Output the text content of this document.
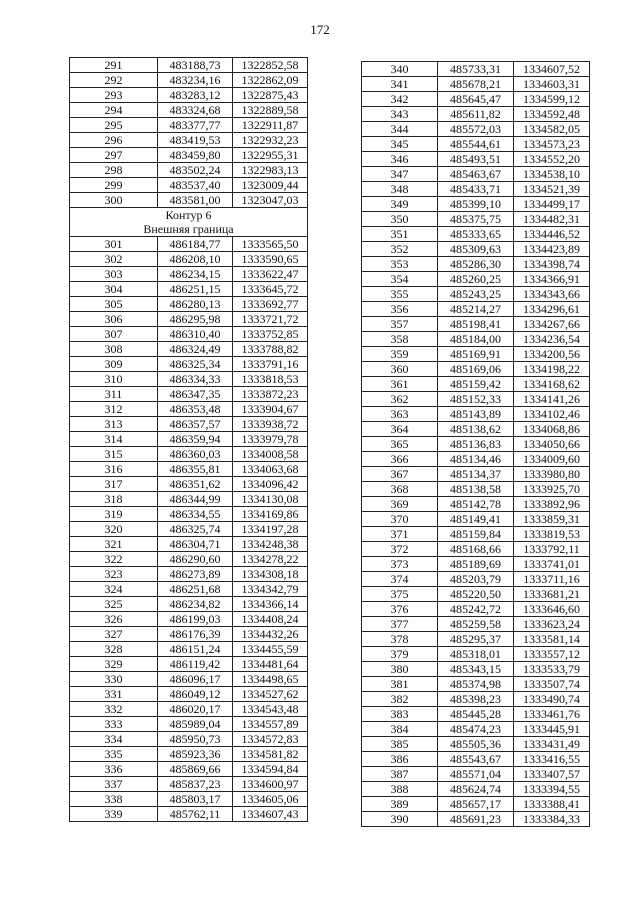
172
291	483188,73	1322852,58
292	483234,16	1322862,09
293	483283,12	1322875,43
294	483324,68	1322889,58
295	483377,77	1322911,87
296	483419,53	1322932,23
297	483459,80	1322955,31
298	483502,24	1322983,13
299	483537,40	1323009,44
300	483581,00	1323047,03
Контур 6		
Внешняя граница		
301	486184,77	1333565,50
302	486208,10	1333590,65
303	486234,15	1333622,47
304	486251,15	1333645,72
305	486280,13	1333692,77
306	486295,98	1333721,72
307	486310,40	1333752,85
308	486324,49	1333788,82
309	486325,34	1333791,16
310	486334,33	1333818,53
311	486347,35	1333872,23
312	486353,48	1333904,67
313	486357,57	1333938,72
314	486359,94	1333979,78
315	486360,03	1334008,58
316	486355,81	1334063,68
317	486351,62	1334096,42
318	486344,99	1334130,08
319	486334,55	1334169,86
320	486325,74	1334197,28
321	486304,71	1334248,38
322	486290,60	1334278,22
323	486273,89	1334308,18
324	486251,68	1334342,79
325	486234,82	1334366,14
326	486199,03	1334408,24
327	486176,39	1334432,26
328	486151,24	1334455,59
329	486119,42	1334481,64
330	486096,17	1334498,65
331	486049,12	1334527,62
332	486020,17	1334543,48
333	485989,04	1334557,89
334	485950,73	1334572,83
335	485923,36	1334581,82
336	485869,66	1334594,84
337	485837,23	1334600,97
338	485803,17	1334605,06
339	485762,11	1334607,43
340	485733,31	1334607,52
341	485678,21	1334603,31
342	485645,47	1334599,12
343	485611,82	1334592,48
344	485572,03	1334582,05
345	485544,61	1334573,23
346	485493,51	1334552,20
347	485463,67	1334538,10
348	485433,71	1334521,39
349	485399,10	1334499,17
350	485375,75	1334482,31
351	485333,65	1334446,52
352	485309,63	1334423,89
353	485286,30	1334398,74
354	485260,25	1334366,91
355	485243,25	1334343,66
356	485214,27	1334296,61
357	485198,41	1334267,66
358	485184,00	1334236,54
359	485169,91	1334200,56
360	485169,06	1334198,22
361	485159,42	1334168,62
362	485152,33	1334141,26
363	485143,89	1334102,46
364	485138,62	1334068,86
365	485136,83	1334050,66
366	485134,46	1334009,60
367	485134,37	1333980,80
368	485138,58	1333925,70
369	485142,78	1333892,96
370	485149,41	1333859,31
371	485159,84	1333819,53
372	485168,66	1333792,11
373	485189,69	1333741,01
374	485203,79	1333711,16
375	485220,50	1333681,21
376	485242,72	1333646,60
377	485259,58	1333623,24
378	485295,37	1333581,14
379	485318,01	1333557,12
380	485343,15	1333533,79
381	485374,98	1333507,74
382	485398,23	1333490,74
383	485445,28	1333461,76
384	485474,23	1333445,91
385	485505,36	1333431,49
386	485543,67	1333416,55
387	485571,04	1333407,57
388	485624,74	1333394,55
389	485657,17	1333388,41
390	485691,23	1333384,33
